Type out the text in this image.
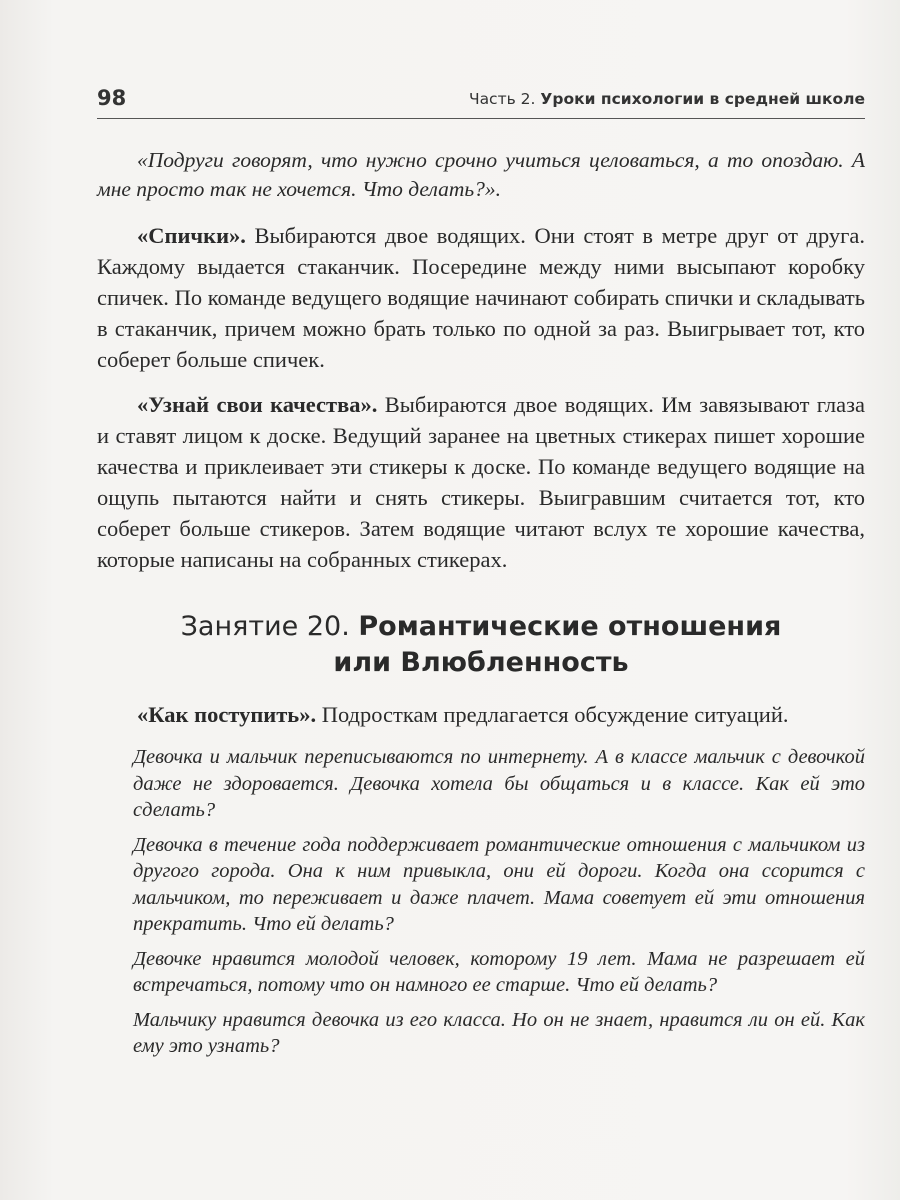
98	Часть 2. Уроки психологии в средней школе

«Подруги говорят, что нужно срочно учиться целоваться, а то опоздаю. А мне просто так не хочется. Что делать?».

«Спички». Выбираются двое водящих. Они стоят в метре друг от друга. Каждому выдается стаканчик. Посередине между ними высыпают коробку спичек. По команде ведущего водящие начинают собирать спички и складывать в стаканчик, причем можно брать только по одной за раз. Выигрывает тот, кто соберет больше спичек.

«Узнай свои качества». Выбираются двое водящих. Им завязывают глаза и ставят лицом к доске. Ведущий заранее на цветных стикерах пишет хорошие качества и приклеивает эти стикеры к доске. По команде ведущего водящие на ощупь пытаются найти и снять стикеры. Выигравшим считается тот, кто соберет больше стикеров. Затем водящие читают вслух те хорошие качества, которые написаны на собранных стикерах.

Занятие 20. Романтические отношения
или Влюбленность

«Как поступить». Подросткам предлагается обсуждение ситуаций.

Девочка и мальчик переписываются по интернету. А в классе мальчик с девочкой даже не здоровается. Девочка хотела бы общаться и в классе. Как ей это сделать?

Девочка в течение года поддерживает романтические отношения с мальчиком из другого города. Она к ним привыкла, они ей дороги. Когда она ссорится с мальчиком, то переживает и даже плачет. Мама советует ей эти отношения прекратить. Что ей делать?

Девочке нравится молодой человек, которому 19 лет. Мама не разрешает ей встречаться, потому что он намного ее старше. Что ей делать?

Мальчику нравится девочка из его класса. Но он не знает, нравится ли он ей. Как ему это узнать?
